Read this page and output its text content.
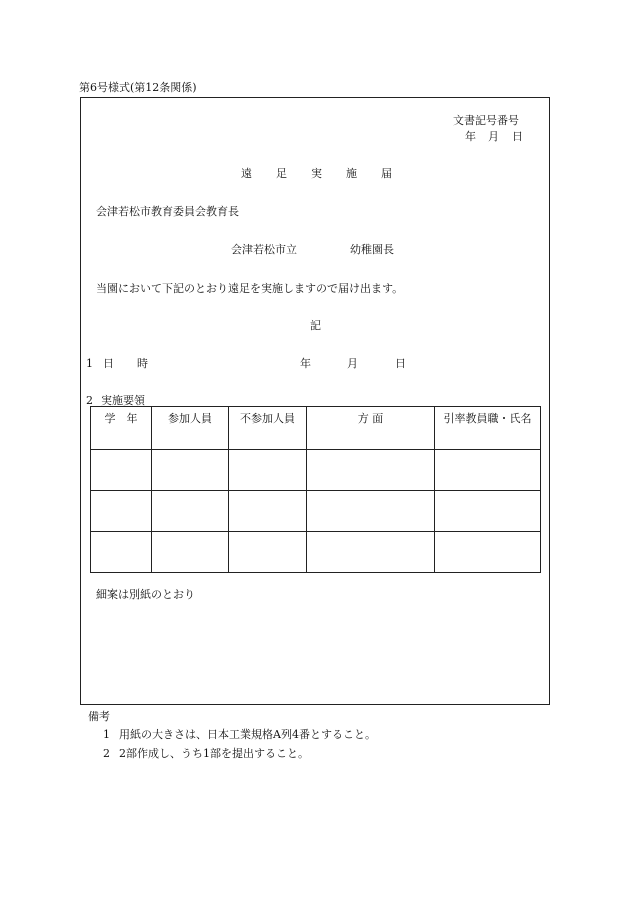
第6号様式(第12条関係)
文書記号番号
年 月 日
遠 足 実 施 届
会津若松市教育委員会教育長
会津若松市立	幼稚園長
当園において下記のとおり遠足を実施しますので届け出ます。
記
1 日 時	年	月	日
2 実施要領
学　年	参加人員	不参加人員	方 面	引率教員職・氏名

細案は別紙のとおり
備考
1 用紙の大きさは、日本工業規格A列4番とすること。
2 2部作成し、うち1部を提出すること。
